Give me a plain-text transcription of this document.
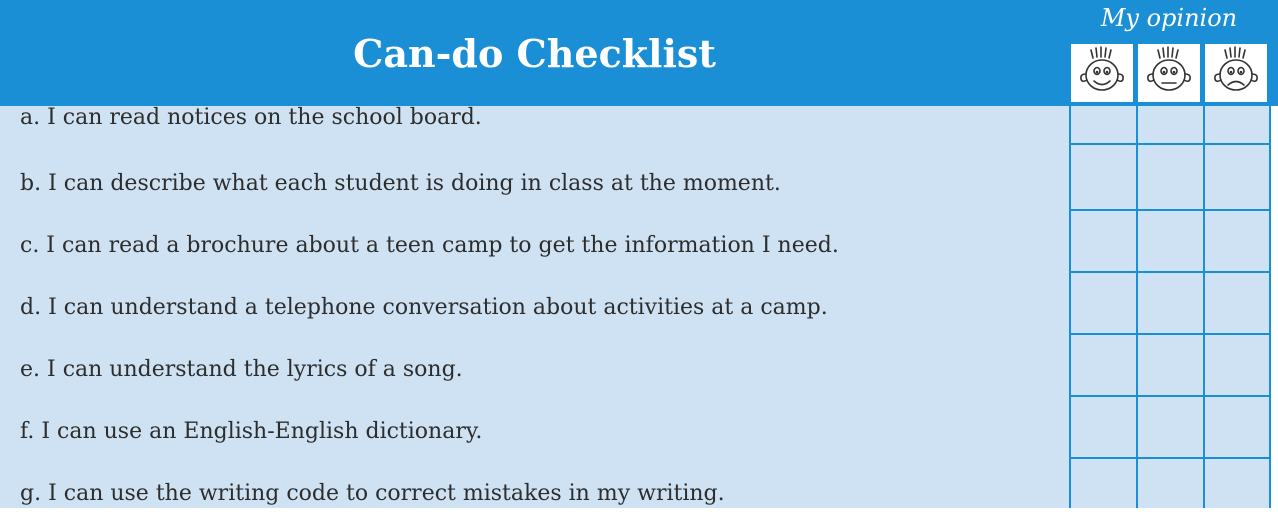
Can-do Checklist
My opinion
a. I can read notices on the school board.
b. I can describe what each student is doing in class at the moment.
c. I can read a brochure about a teen camp to get the information I need.
d. I can understand a telephone conversation about activities at a camp.
e. I can understand the lyrics of a song.
f. I can use an English-English dictionary.
g. I can use the writing code to correct mistakes in my writing.
